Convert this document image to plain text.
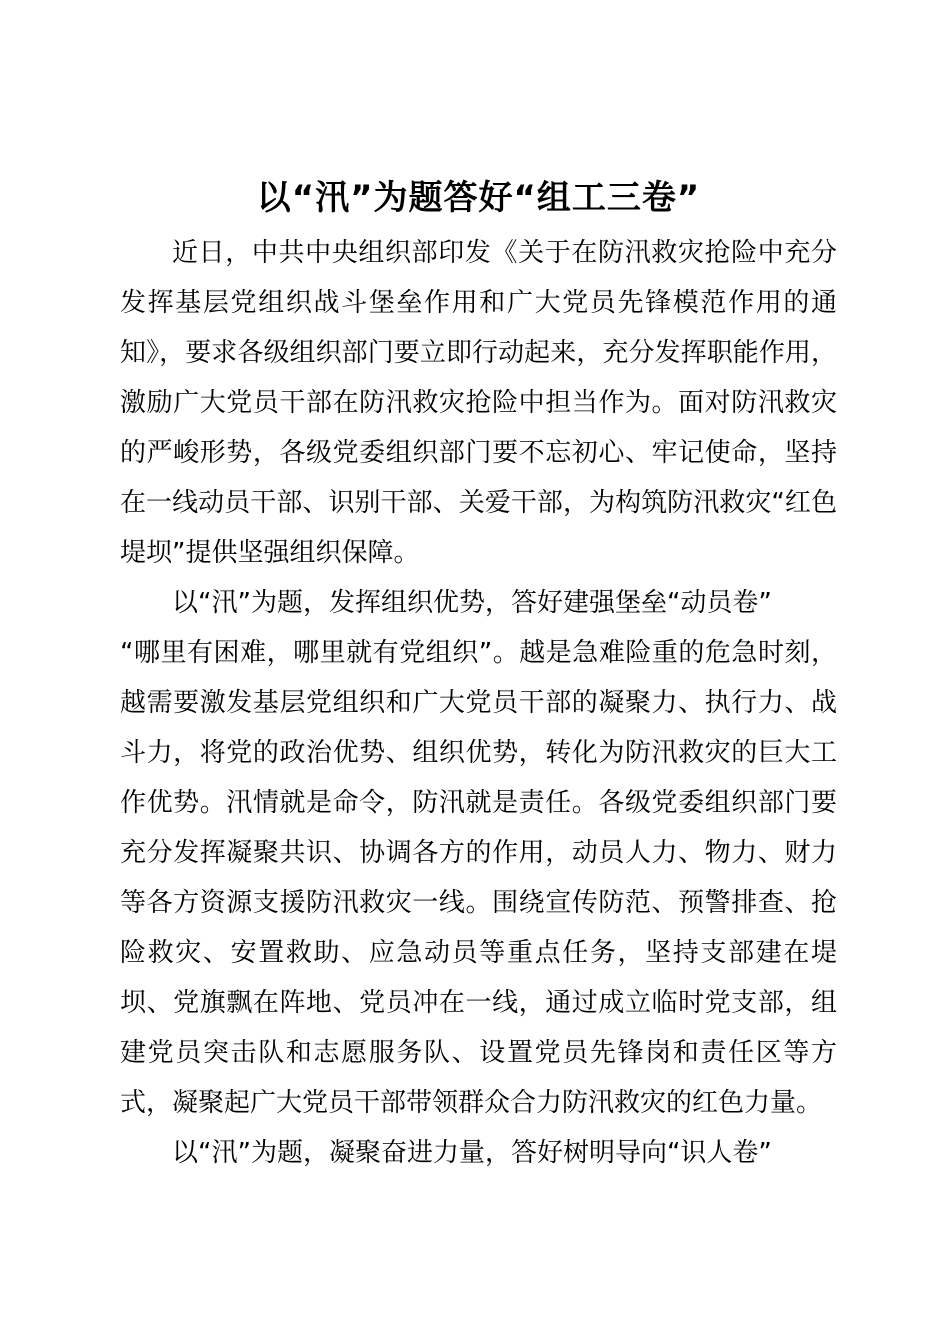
以“汛”为题答好“组工三卷”

近日，中共中央组织部印发《关于在防汛救灾抢险中充分发挥基层党组织战斗堡垒作用和广大党员先锋模范作用的通知》，要求各级组织部门要立即行动起来，充分发挥职能作用，激励广大党员干部在防汛救灾抢险中担当作为。面对防汛救灾的严峻形势，各级党委组织部门要不忘初心、牢记使命，坚持在一线动员干部、识别干部、关爱干部，为构筑防汛救灾“红色堤坝”提供坚强组织保障。

以“汛”为题，发挥组织优势，答好建强堡垒“动员卷”

“哪里有困难，哪里就有党组织”。越是急难险重的危急时刻，越需要激发基层党组织和广大党员干部的凝聚力、执行力、战斗力，将党的政治优势、组织优势，转化为防汛救灾的巨大工作优势。汛情就是命令，防汛就是责任。各级党委组织部门要充分发挥凝聚共识、协调各方的作用，动员人力、物力、财力等各方资源支援防汛救灾一线。围绕宣传防范、预警排查、抢险救灾、安置救助、应急动员等重点任务，坚持支部建在堤坝、党旗飘在阵地、党员冲在一线，通过成立临时党支部，组建党员突击队和志愿服务队、设置党员先锋岗和责任区等方式，凝聚起广大党员干部带领群众合力防汛救灾的红色力量。

以“汛”为题，凝聚奋进力量，答好树明导向“识人卷”
